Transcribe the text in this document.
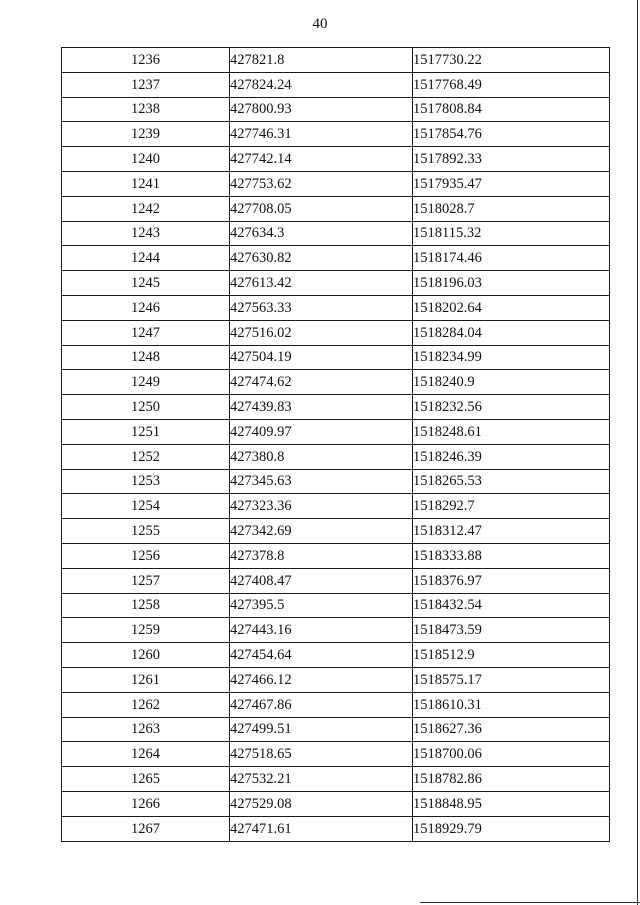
40
1236	427821.8	1517730.22
1237	427824.24	1517768.49
1238	427800.93	1517808.84
1239	427746.31	1517854.76
1240	427742.14	1517892.33
1241	427753.62	1517935.47
1242	427708.05	1518028.7
1243	427634.3	1518115.32
1244	427630.82	1518174.46
1245	427613.42	1518196.03
1246	427563.33	1518202.64
1247	427516.02	1518284.04
1248	427504.19	1518234.99
1249	427474.62	1518240.9
1250	427439.83	1518232.56
1251	427409.97	1518248.61
1252	427380.8	1518246.39
1253	427345.63	1518265.53
1254	427323.36	1518292.7
1255	427342.69	1518312.47
1256	427378.8	1518333.88
1257	427408.47	1518376.97
1258	427395.5	1518432.54
1259	427443.16	1518473.59
1260	427454.64	1518512.9
1261	427466.12	1518575.17
1262	427467.86	1518610.31
1263	427499.51	1518627.36
1264	427518.65	1518700.06
1265	427532.21	1518782.86
1266	427529.08	1518848.95
1267	427471.61	1518929.79
